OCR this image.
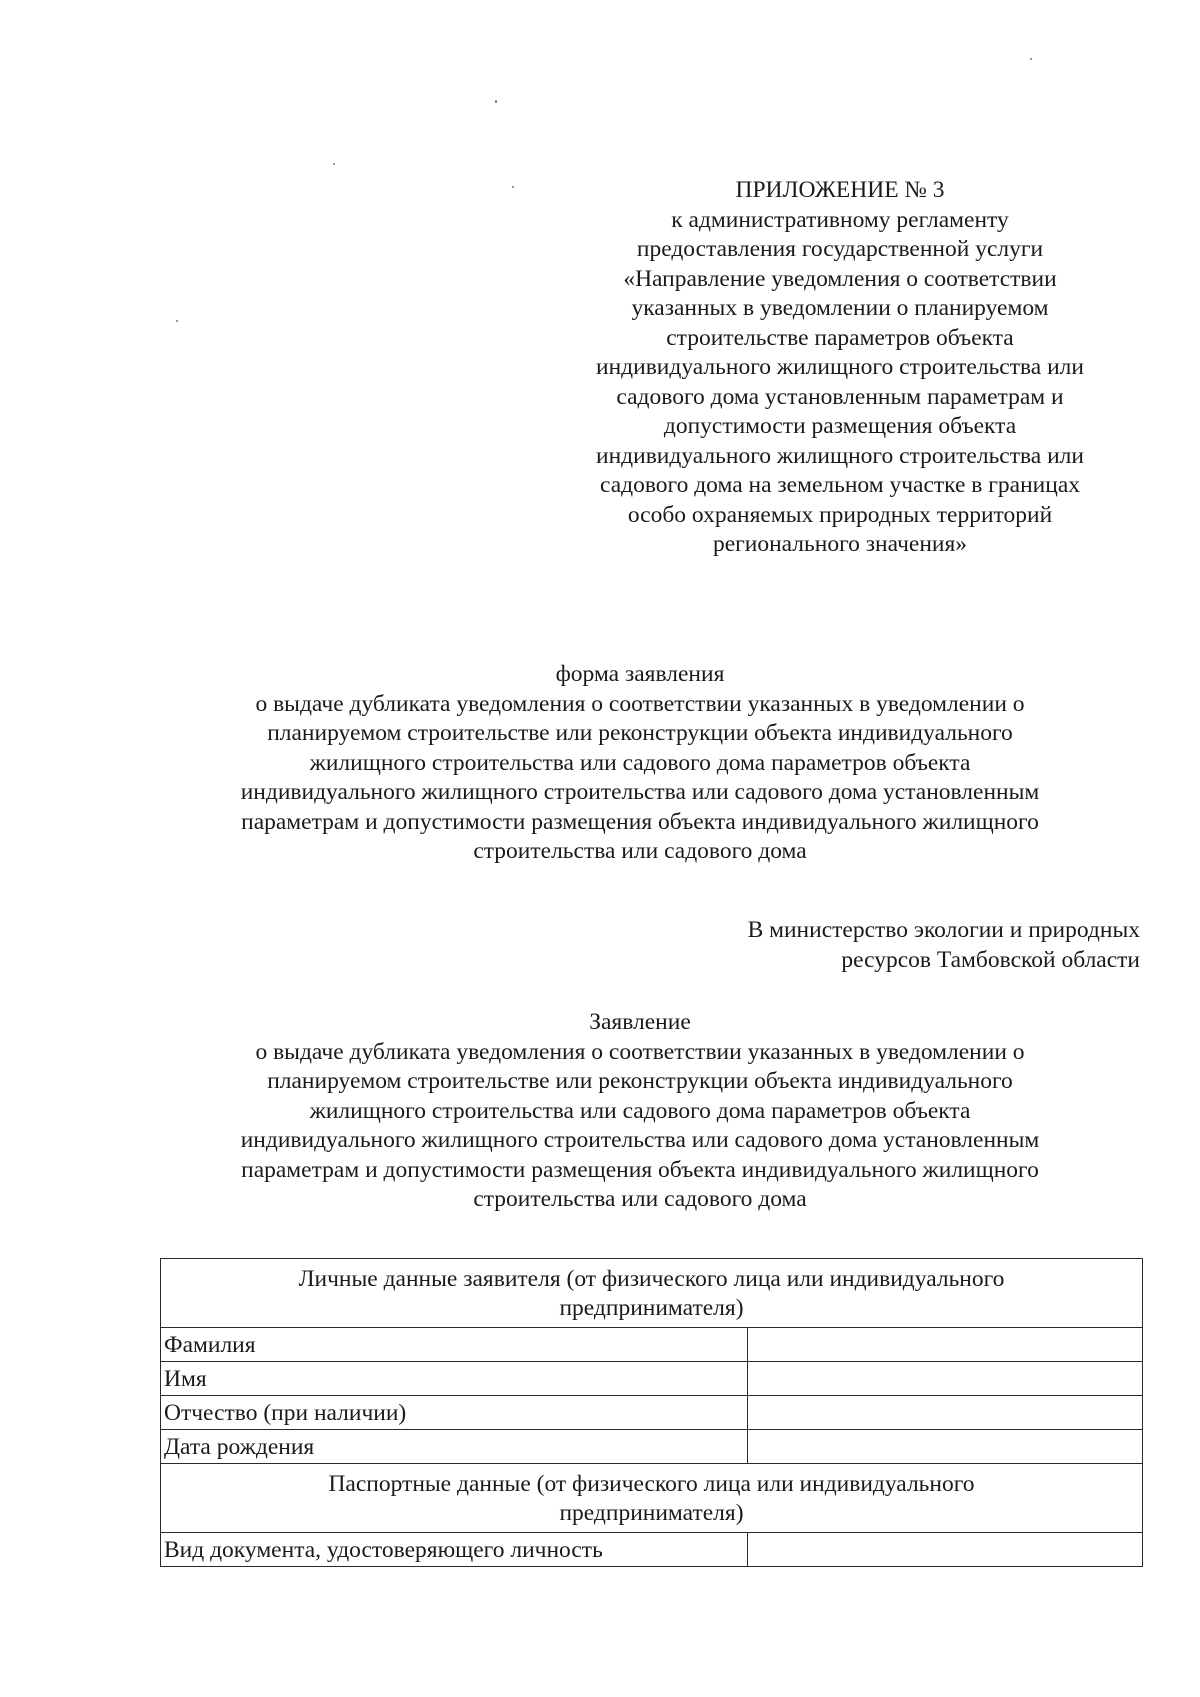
ПРИЛОЖЕНИЕ № 3
к административному регламенту
предоставления государственной услуги
«Направление уведомления о соответствии
указанных в уведомлении о планируемом
строительстве параметров объекта
индивидуального жилищного строительства или
садового дома установленным параметрам и
допустимости размещения объекта
индивидуального жилищного строительства или
садового дома на земельном участке в границах
особо охраняемых природных территорий
регионального значения»
форма заявления
о выдаче дубликата уведомления о соответствии указанных в уведомлении о
планируемом строительстве или реконструкции объекта индивидуального
жилищного строительства или садового дома параметров объекта
индивидуального жилищного строительства или садового дома установленным
параметрам и допустимости размещения объекта индивидуального жилищного
строительства или садового дома
В министерство экологии и природных
ресурсов Тамбовской области
Заявление
о выдаче дубликата уведомления о соответствии указанных в уведомлении о
планируемом строительстве или реконструкции объекта индивидуального
жилищного строительства или садового дома параметров объекта
индивидуального жилищного строительства или садового дома установленным
параметрам и допустимости размещения объекта индивидуального жилищного
строительства или садового дома
Личные данные заявителя (от физического лица или индивидуального
предпринимателя)	
Фамилия	
Имя	
Отчество (при наличии)	
Дата рождения	
Паспортные данные (от физического лица или индивидуального
предпринимателя)	
Вид документа, удостоверяющего личность	
